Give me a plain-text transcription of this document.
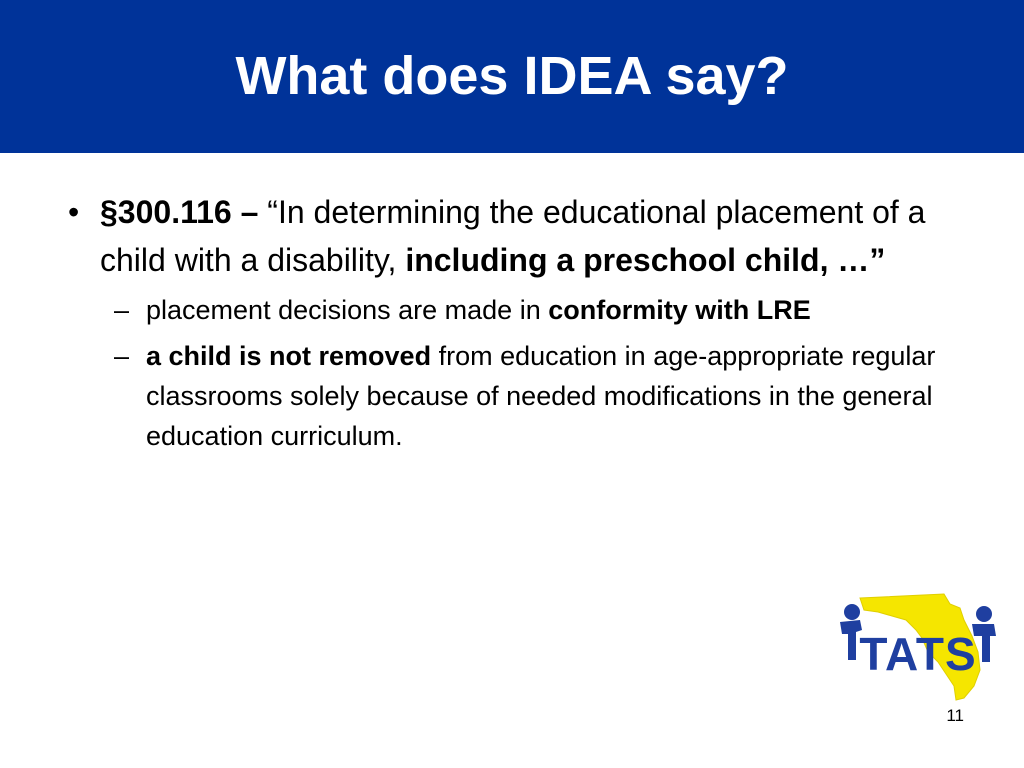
What does IDEA say?
• §300.116 – “In determining the educational placement of a child with a disability, including a preschool child, …”
– placement decisions are made in conformity with LRE
– a child is not removed from education in age-appropriate regular classrooms solely because of needed modifications in the general education curriculum.
TATS
11
